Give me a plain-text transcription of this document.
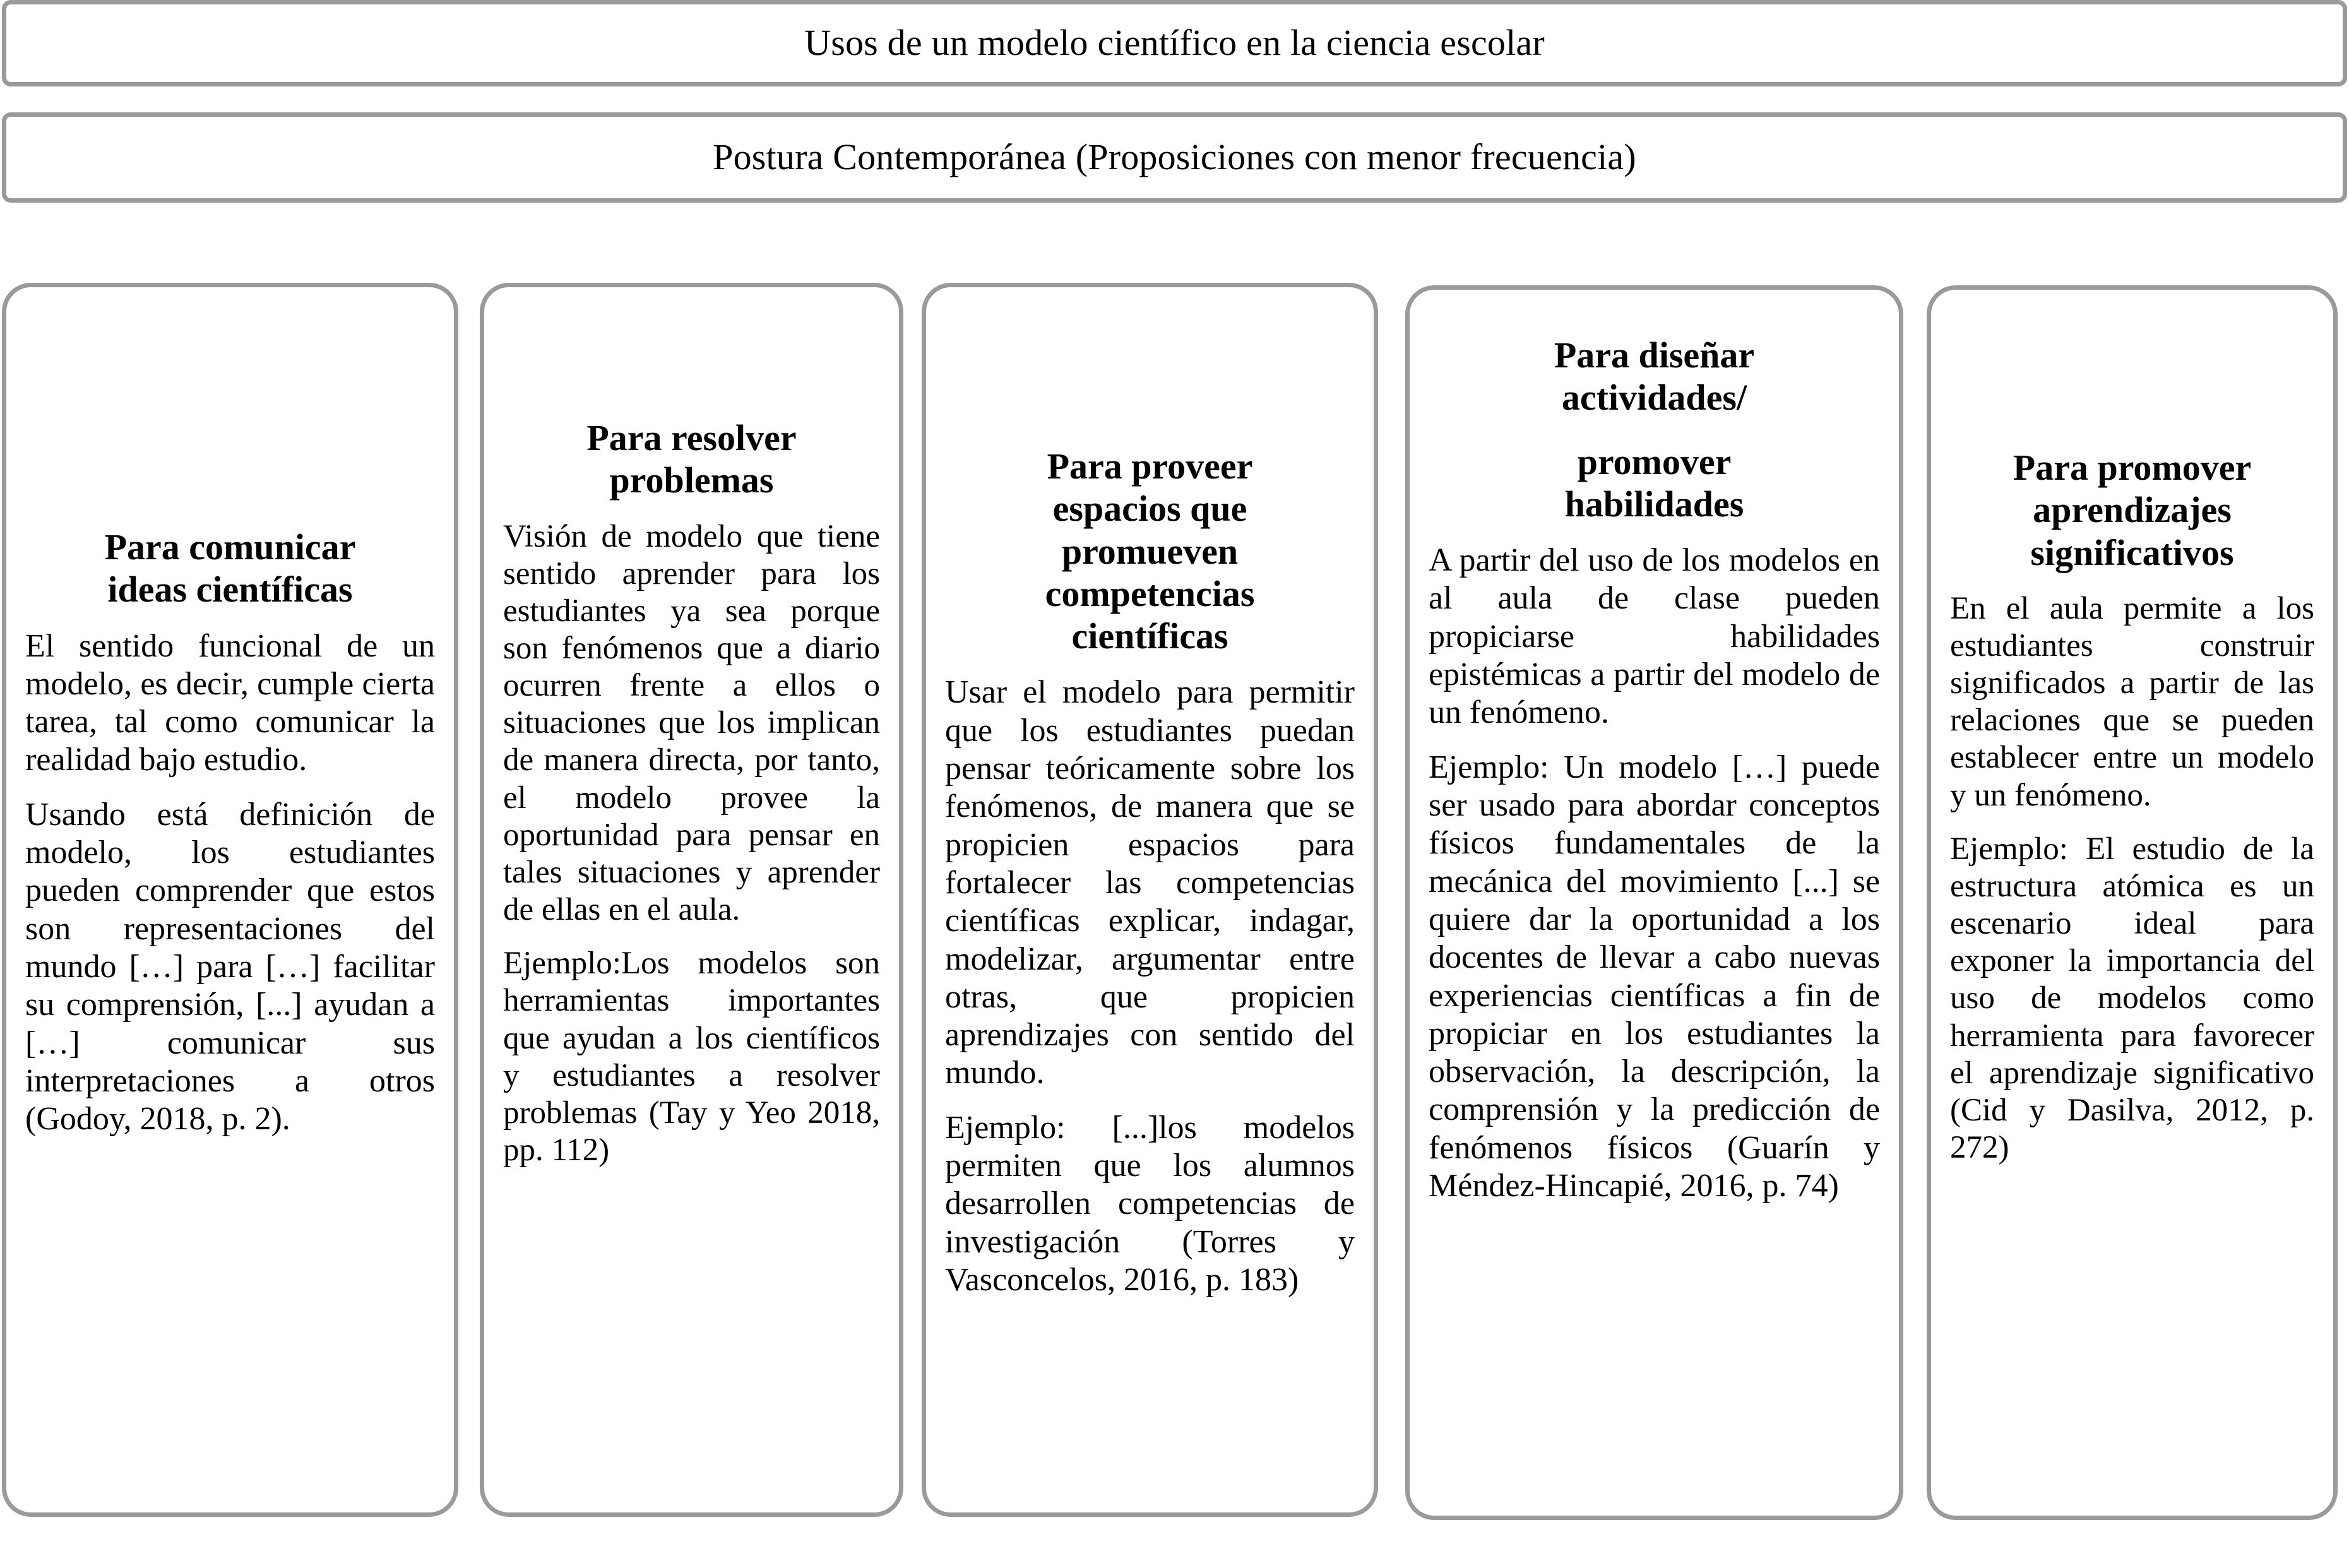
Usos de un modelo científico en la ciencia escolar
Postura Contemporánea (Proposiciones con menor frecuencia)
Para comunicar
ideas científicas

El sentido funcional de un modelo, es decir, cumple cierta tarea, tal como comunicar la realidad bajo estudio.

Usando está definición de modelo, los estudiantes pueden comprender que estos son representaciones del mundo […] para […] facilitar su comprensión, [...] ayudan a […] comunicar sus interpretaciones a otros (Godoy, 2018, p. 2).

Para resolver
problemas

Visión de modelo que tiene sentido aprender para los estudiantes ya sea porque son fenómenos que a diario ocurren frente a ellos o situaciones que los implican de manera directa, por tanto, el modelo provee la oportunidad para pensar en tales situaciones y aprender de ellas en el aula.

Ejemplo:Los modelos son herramientas importantes que ayudan a los científicos y estudiantes a resolver problemas (Tay y Yeo 2018, pp. 112)

Para proveer
espacios que
promueven
competencias
científicas

Usar el modelo para permitir que los estudiantes puedan pensar teóricamente sobre los fenómenos, de manera que se propicien espacios para fortalecer las competencias científicas explicar, indagar, modelizar, argumentar entre otras, que propicien aprendizajes con sentido del mundo.

Ejemplo: [...]los modelos permiten que los alumnos desarrollen competencias de investigación (Torres y Vasconcelos, 2016, p. 183)

Para diseñar
actividades/
promover
habilidades

A partir del uso de los modelos en al aula de clase pueden propiciarse habilidades epistémicas a partir del modelo de un fenómeno.

Ejemplo: Un modelo […] puede ser usado para abordar conceptos físicos fundamentales de la mecánica del movimiento [...] se quiere dar la oportunidad a los docentes de llevar a cabo nuevas experiencias científicas a fin de propiciar en los estudiantes la observación, la descripción, la comprensión y la predicción de fenómenos físicos (Guarín y Méndez-Hincapié, 2016, p. 74)

Para promover
aprendizajes
significativos

En el aula permite a los estudiantes construir significados a partir de las relaciones que se pueden establecer entre un modelo y un fenómeno.

Ejemplo: El estudio de la estructura atómica es un escenario ideal para exponer la importancia del uso de modelos como herramienta para favorecer el aprendizaje significativo (Cid y Dasilva, 2012, p. 272)
